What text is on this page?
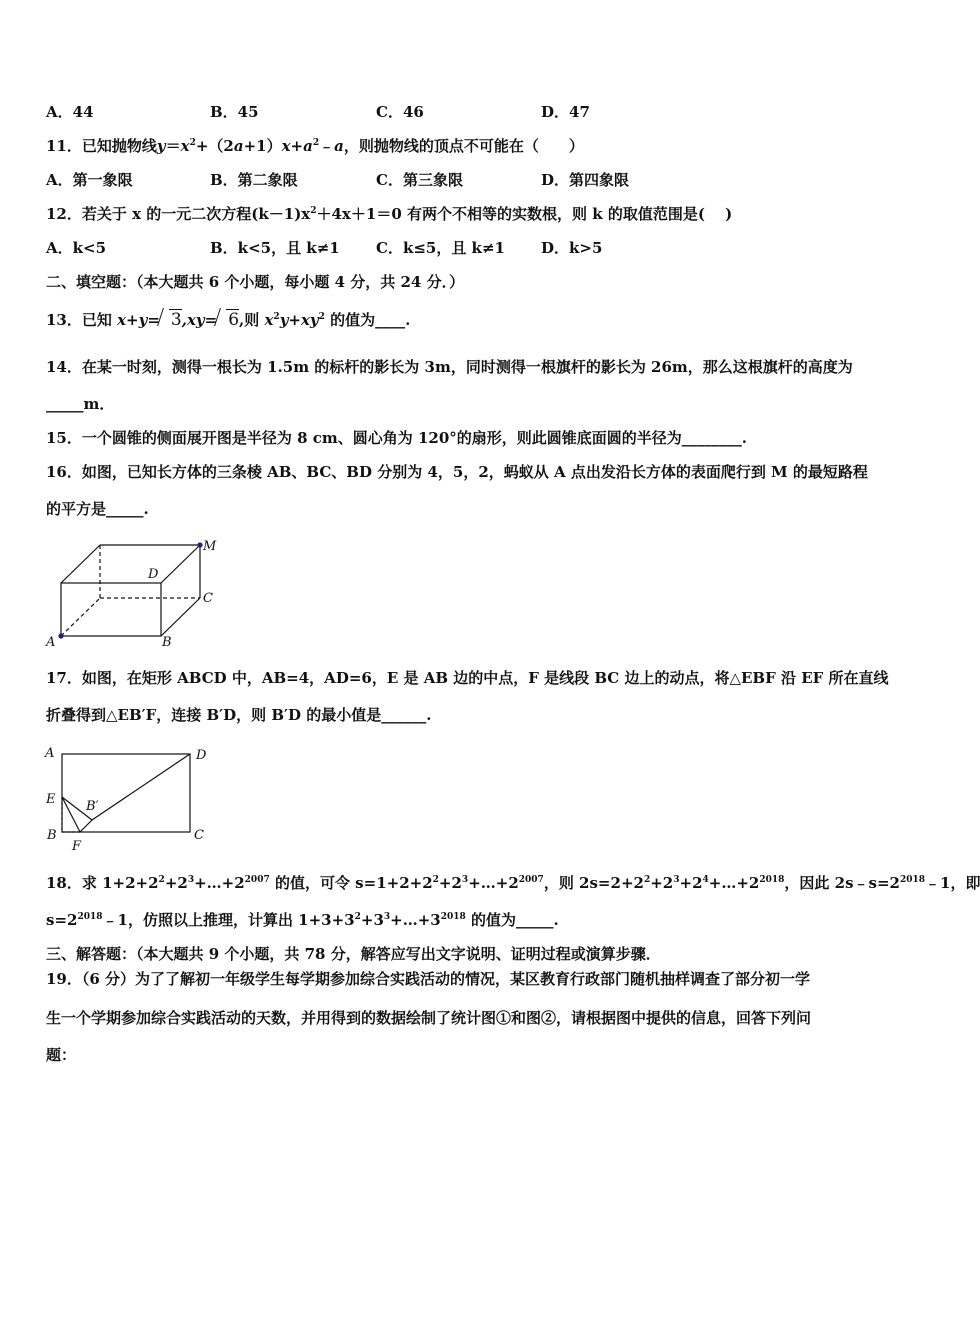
A．44	B．45	C．46	D．47
11．已知抛物线$y=x^2+(2a+1)x+a^2﹣a$，则抛物线的顶点不可能在（　　）
A．第一象限	B．第二象限	C．第三象限	D．第四象限
12．若关于 x 的一元二次方程$(k-1)x^2+4x+1=0$ 有两个不相等的实数根，则 k 的取值范围是(　 )
A．k<5	B．k<5，且 k≠1 C．k≤5，且 k≠1 D．k>5
二、填空题：（本大题共 6 个小题，每小题 4 分，共 24 分．）
13．已知 x+y= 3,xy= 6,则 $x^2y+xy^2$ 的值为____.
14．在某一时刻，测得一根长为 1.5m 的标杆的影长为 3m，同时测得一根旗杆的影长为 26m，那么这根旗杆的高度为
_____m．
15．一个圆锥的侧面展开图是半径为 8 cm、圆心角为 120°的扇形，则此圆锥底面圆的半径为________.
16．如图，已知长方体的三条棱 AB、BC、BD 分别为 4，5，2，蚂蚁从 A 点出发沿长方体的表面爬行到 M 的最短路程
的平方是_____.
M
D
C
A	B
17．如图，在矩形 ABCD 中，AB=4，AD=6，E 是 AB 边的中点，F 是线段 BC 边上的动点，将△EBF 沿 EF 所在直线
折叠得到△EB′F，连接 B′D，则 B′D 的最小值是______.
A	D
E B′
B	C
F
18．求 $1+2+2^2+2^3+\dots+2^{2007}$ 的值，可令 $s=1+2+2^2+2^3+\dots+2^{2007}$，则 $2s=2+2^2+2^3+2^4+\dots+2^{2018}$，因此 $2s﹣s=2^{2018}﹣1$，即
$s=2^{2018}﹣1$，仿照以上推理，计算出 $1+3+3^2+3^3+\dots+3^{2018}$ 的值为_____.
三、解答题：（本大题共 9 个小题，共 78 分，解答应写出文字说明、证明过程或演算步骤．
19．（6 分）为了了解初一年级学生每学期参加综合实践活动的情况，某区教育行政部门随机抽样调查了部分初一学
生一个学期参加综合实践活动的天数，并用得到的数据绘制了统计图①和图②，请根据图中提供的信息，回答下列问
题：
